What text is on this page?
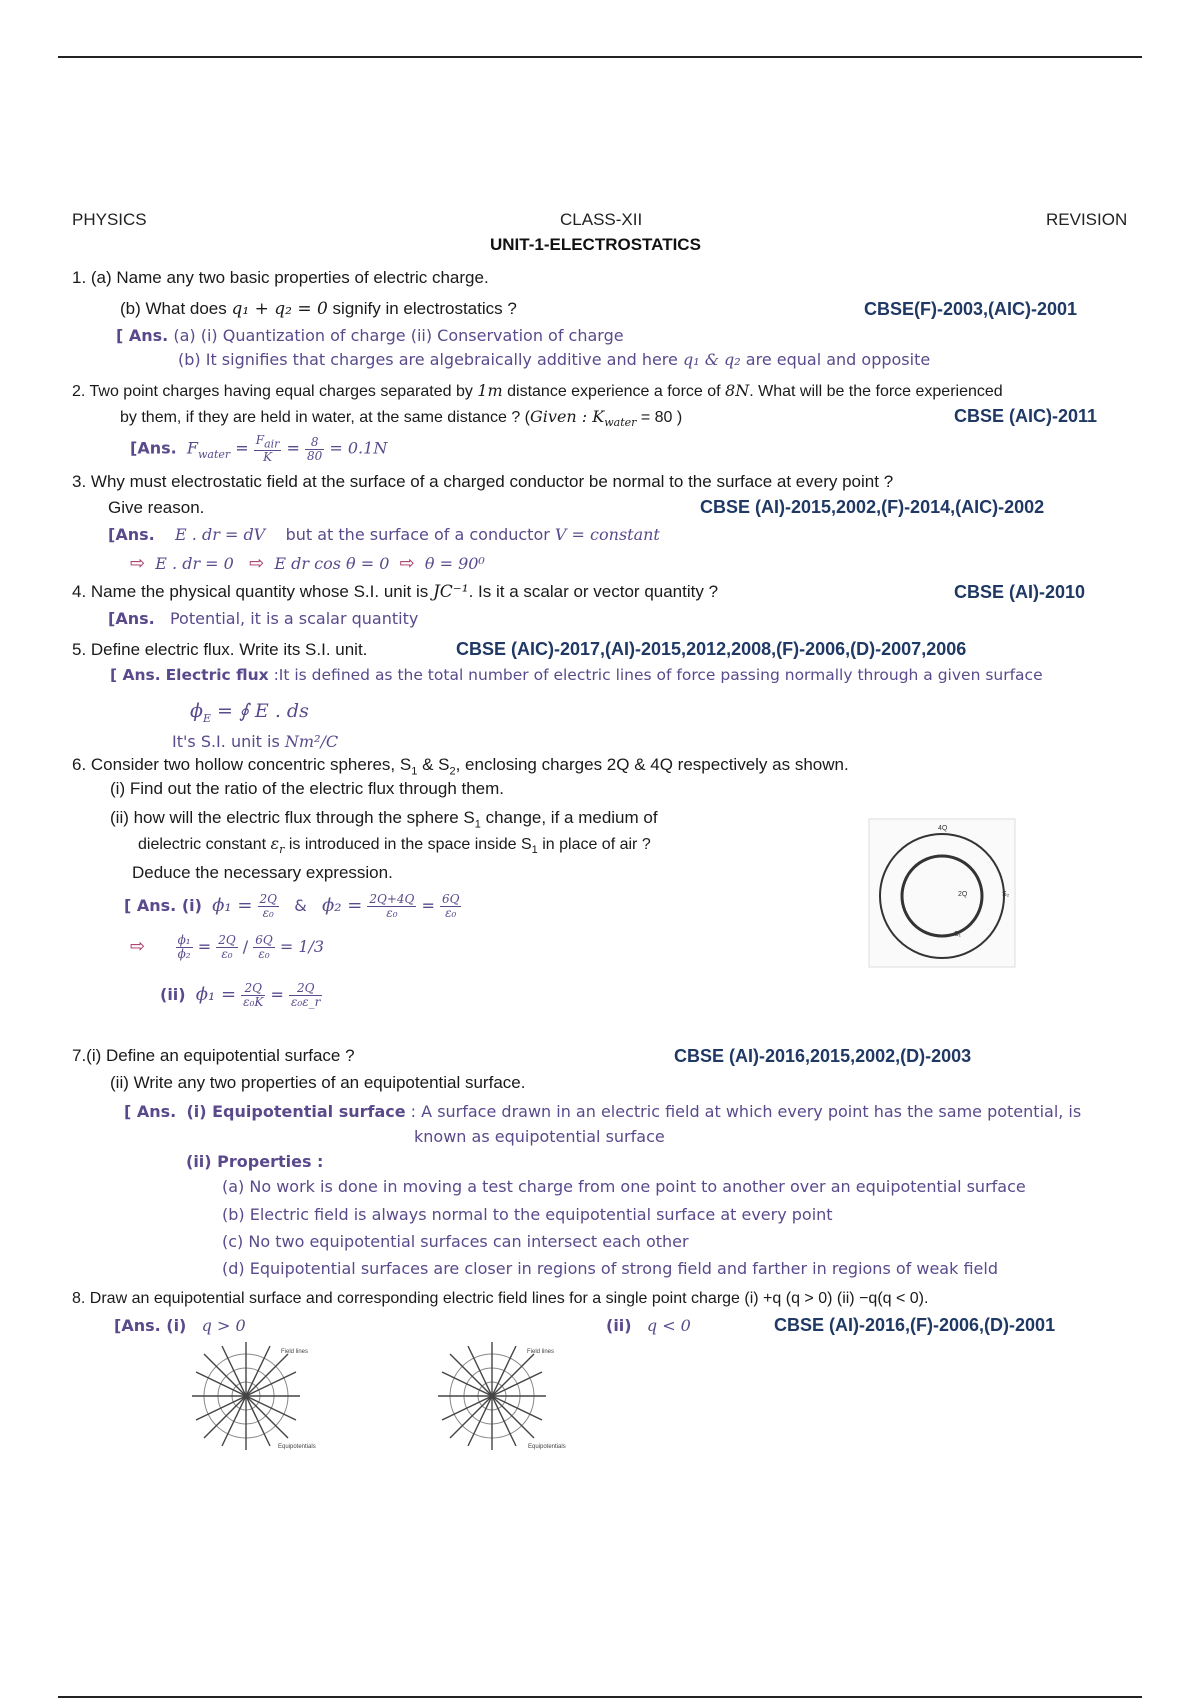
PHYSICS	CLASS-XII	REVISION
UNIT-1-ELECTROSTATICS
1. (a) Name any two basic properties of electric charge.
(b) What does q₁ + q₂ = 0 signify in electrostatics ?	CBSE(F)-2003,(AIC)-2001
[ Ans. (a) (i) Quantization of charge (ii) Conservation of charge
(b) It signifies that charges are algebraically additive and here q₁ & q₂ are equal and opposite
2. Two point charges having equal charges separated by 1m distance experience a force of 8N. What will be the force experienced
by them, if they are held in water, at the same distance ? (Given : $K_{water} = 80$ )	CBSE (AIC)-2011
[Ans. $F_{water} = \frac{F_{air}}{K} = \frac{8}{80} = 0.1N$
3. Why must electrostatic field at the surface of a charged conductor be normal to the surface at every point ?
Give reason.	CBSE (AI)-2015,2002,(F)-2014,(AIC)-2002
[Ans. E . dr = dV but at the surface of a conductor V = constant
⇨ E . dr = 0 ⇨ E dr cos θ = 0 ⇨ θ = 90⁰
4. Name the physical quantity whose S.I. unit is JC⁻¹. Is it a scalar or vector quantity ?	CBSE (AI)-2010
[Ans. Potential, it is a scalar quantity
5. Define electric flux. Write its S.I. unit.	CBSE (AIC)-2017,(AI)-2015,2012,2008,(F)-2006,(D)-2007,2006
[ Ans. Electric flux :It is defined as the total number of electric lines of force passing normally through a given surface
$\phi_E$ = ∮ E . ds
It's S.I. unit is Nm²/C
6. Consider two hollow concentric spheres, $S_1$ & $S_2$, enclosing charges 2Q & 4Q respectively as shown.
(i) Find out the ratio of the electric flux through them.
(ii) how will the electric flux through the sphere $S_1$ change, if a medium of
dielectric constant $\varepsilon_r$ is introduced in the space inside $S_1$ in place of air ?
Deduce the necessary expression.
[ Ans. (i) $\phi_1 = \frac{2Q}{\text{ε₀}}$ & $\phi_2 = \frac{2Q+4Q}{\text{ε₀}} = \frac{6Q}{\text{ε₀}}$
⇨	$\frac{\text{ϕ₁}}{\text{ϕ₂}} = \frac{2Q}{\text{ε₀}} / \frac{6Q}{\text{ε₀}} = 1/3$
(ii) $\phi_1 = \frac{2Q}{\text{ε₀K}} = \frac{2Q}{\text{ε₀ε\_r}}$
4Q
2Q	S₂
S₁
7.(i) Define an equipotential surface ?	CBSE (AI)-2016,2015,2002,(D)-2003
(ii) Write any two properties of an equipotential surface.
[ Ans. (i) Equipotential surface : A surface drawn in an electric field at which every point has the same potential, is
known as equipotential surface
(ii) Properties :
(a) No work is done in moving a test charge from one point to another over an equipotential surface
(b) Electric field is always normal to the equipotential surface at every point
(c) No two equipotential surfaces can intersect each other
(d) Equipotential surfaces are closer in regions of strong field and farther in regions of weak field
8. Draw an equipotential surface and corresponding electric field lines for a single point charge (i) +q (q > 0) (ii) −q(q < 0).
[Ans. (i) q > 0	(ii) q < 0	CBSE (AI)-2016,(F)-2006,(D)-2001
Field lines
Equipotentials
Field lines
Equipotentials
